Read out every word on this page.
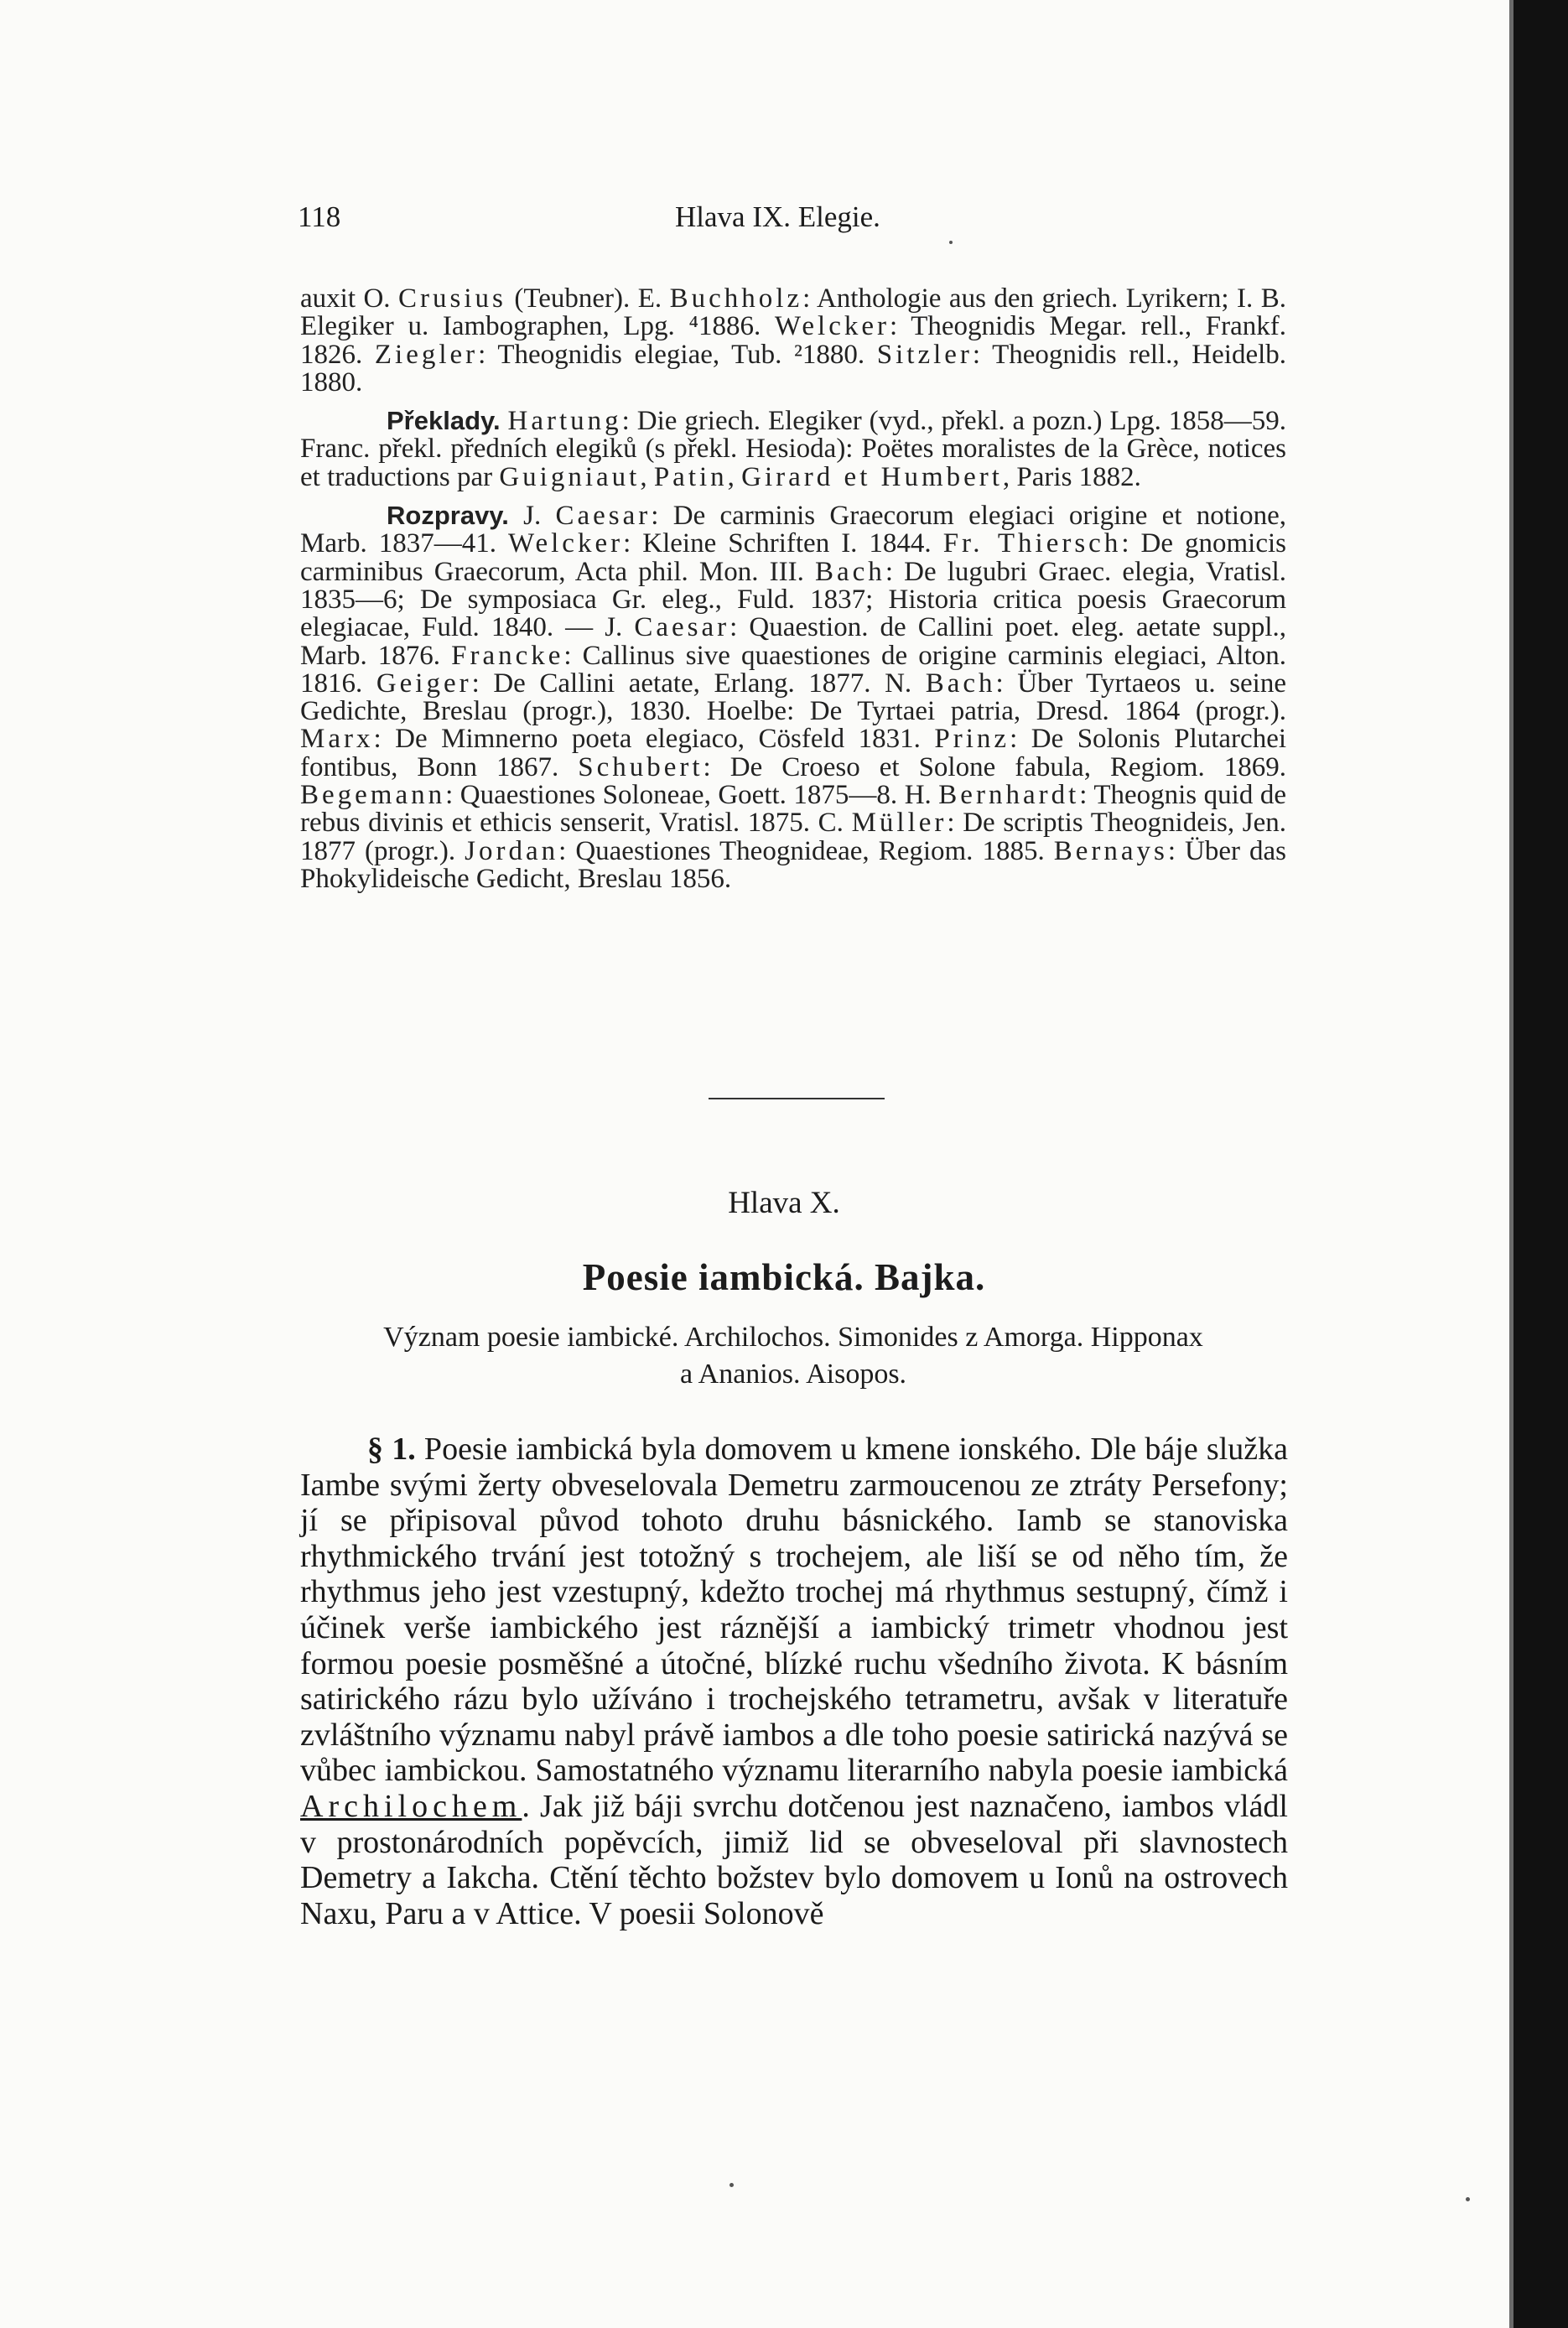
118	Hlava IX. Elegie.

auxit O. Crusius (Teubner). E. Buchholz: Anthologie aus den griech. Lyrikern; I. B. Elegiker u. Iambographen, Lpg. ⁴1886. Welcker: Theognidis Megar. rell., Frankf. 1826. Ziegler: Theognidis elegiae, Tub. ²1880. Sitzler: Theognidis rell., Heidelb. 1880.

Překlady. Hartung: Die griech. Elegiker (vyd., překl. a pozn.) Lpg. 1858—59. Franc. překl. předních elegiků (s překl. Hesioda): Poëtes moralistes de la Grèce, notices et traductions par Guigniaut, Patin, Girard et Humbert, Paris 1882.

Rozpravy. J. Caesar: De carminis Graecorum elegiaci origine et notione, Marb. 1837—41. Welcker: Kleine Schriften I. 1844. Fr. Thiersch: De gnomicis carminibus Graecorum, Acta phil. Mon. III. Bach: De lugubri Graec. elegia, Vratisl. 1835—6; De symposiaca Gr. eleg., Fuld. 1837; Historia critica poesis Graecorum elegiacae, Fuld. 1840. — J. Caesar: Quaestion. de Callini poet. eleg. aetate suppl., Marb. 1876. Francke: Callinus sive quaestiones de origine carminis elegiaci, Alton. 1816. Geiger: De Callini aetate, Erlang. 1877. N. Bach: Über Tyrtaeos u. seine Gedichte, Breslau (progr.), 1830. Hoelbe: De Tyrtaei patria, Dresd. 1864 (progr.). Marx: De Mimnerno poeta elegiaco, Cösfeld 1831. Prinz: De Solonis Plutarchei fontibus, Bonn 1867. Schubert: De Croeso et Solone fabula, Regiom. 1869. Begemann: Quaestiones Soloneae, Goett. 1875—8. H. Bernhardt: Theognis quid de rebus divinis et ethicis senserit, Vratisl. 1875. C. Müller: De scriptis Theognideis, Jen. 1877 (progr.). Jordan: Quaestiones Theognideae, Regiom. 1885. Bernays: Über das Phokylideische Gedicht, Breslau 1856.

Hlava X.
Poesie iambická. Bajka.
Význam poesie iambické. Archilochos. Simonides z Amorga. Hipponax
a Ananios. Aisopos.

§ 1. Poesie iambická byla domovem u kmene ionského. Dle báje služka Iambe svými žerty obveselovala Demetru zarmoucenou ze ztráty Persefony; jí se připisoval původ tohoto druhu básnického. Iamb se stanoviska rhythmického trvání jest totožný s trochejem, ale liší se od něho tím, že rhythmus jeho jest vzestupný, kdežto trochej má rhythmus sestupný, čímž i účinek verše iambického jest ráznější a iambický trimetr vhodnou jest formou poesie posměšné a útočné, blízké ruchu všedního života. K básním satirického rázu bylo užíváno i trochejského tetrametru, avšak v literatuře zvláštního významu nabyl právě iambos a dle toho poesie satirická nazývá se vůbec iambickou. Samostatného významu literarního nabyla poesie iambická Archilochem. Jak již báji svrchu dotčenou jest naznačeno, iambos vládl v prostonárodních popěvcích, jimiž lid se obveseloval při slavnostech Demetry a Iakcha. Ctění těchto božstev bylo domovem u Ionů na ostrovech Naxu, Paru a v Attice. V poesii Solonově
